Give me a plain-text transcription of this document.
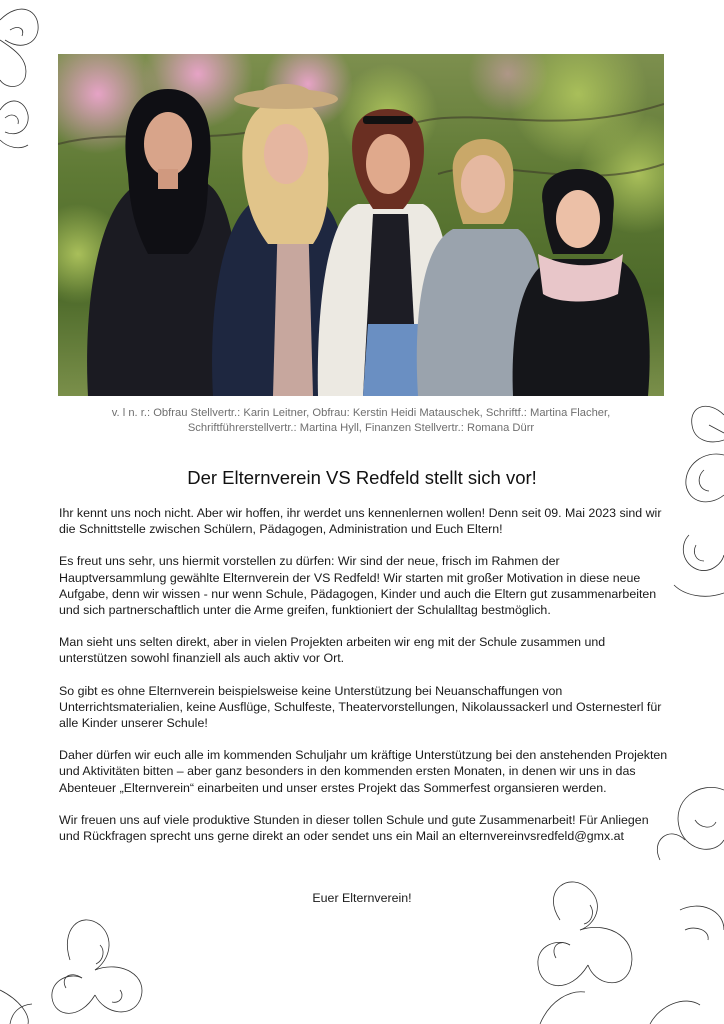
v. l n. r.: Obfrau Stellvertr.: Karin Leitner, Obfrau: Kerstin Heidi Matauschek, Schriftf.: Martina Flacher,
Schriftführerstellvertr.: Martina Hyll, Finanzen Stellvertr.: Romana Dürr
Der Elternverein VS Redfeld stellt sich vor!

Ihr kennt uns noch nicht. Aber wir hoffen, ihr werdet uns kennenlernen wollen! Denn seit 09. Mai 2023 sind wir die Schnittstelle zwischen Schülern, Pädagogen, Administration und Euch Eltern!

Es freut uns sehr, uns hiermit vorstellen zu dürfen: Wir sind der neue, frisch im Rahmen der Hauptversammlung gewählte Elternverein der VS Redfeld! Wir starten mit großer Motivation in diese neue Aufgabe, denn wir wissen - nur wenn Schule, Pädagogen, Kinder und auch die Eltern gut zusammenarbeiten und sich partnerschaftlich unter die Arme greifen, funktioniert der Schulalltag bestmöglich.

Man sieht uns selten direkt, aber in vielen Projekten arbeiten wir eng mit der Schule zusammen und unterstützen sowohl finanziell als auch aktiv vor Ort.

So gibt es ohne Elternverein beispielsweise keine Unterstützung bei Neuanschaffungen von Unterrichtsmaterialien, keine Ausflüge, Schulfeste, Theatervorstellungen, Nikolaussackerl und Osternesterl für alle Kinder unserer Schule!

Daher dürfen wir euch alle im kommenden Schuljahr um kräftige Unterstützung bei den anstehenden Projekten und Aktivitäten bitten – aber ganz besonders in den kommenden ersten Monaten, in denen wir uns in das Abenteuer „Elternverein“ einarbeiten und unser erstes Projekt das Sommerfest organsieren werden.

Wir freuen uns auf viele produktive Stunden in dieser tollen Schule und gute Zusammenarbeit! Für Anliegen und Rückfragen sprecht uns gerne direkt an oder sendet uns ein Mail an elternvereinvsredfeld@gmx.at

Euer Elternverein!
